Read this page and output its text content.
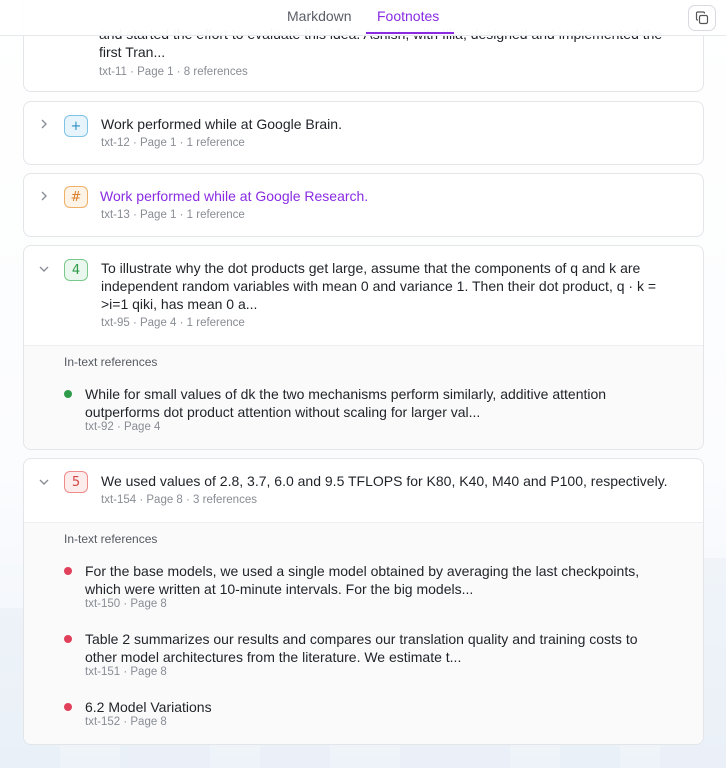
first Tran...
txt-11 · Page 1 · 8 references
+	Work performed while at Google Brain.
txt-12 · Page 1 · 1 reference
#	Work performed while at Google Research.
txt-13 · Page 1 · 1 reference
4	To illustrate why the dot products get large, assume that the components of q and k are independent random variables with mean 0 and variance 1. Then their dot product, q · k = >i=1 qiki, has mean 0 a...
txt-95 · Page 4 · 1 reference
In-text references
While for small values of dk the two mechanisms perform similarly, additive attention outperforms dot product attention without scaling for larger val...
txt-92 · Page 4
5	We used values of 2.8, 3.7, 6.0 and 9.5 TFLOPS for K80, K40, M40 and P100, respectively.
txt-154 · Page 8 · 3 references
In-text references
For the base models, we used a single model obtained by averaging the last checkpoints, which were written at 10-minute intervals. For the big models...
txt-150 · Page 8
Table 2 summarizes our results and compares our translation quality and training costs to other model architectures from the literature. We estimate t...
txt-151 · Page 8
6.2 Model Variations
txt-152 · Page 8
Markdown Footnotes
